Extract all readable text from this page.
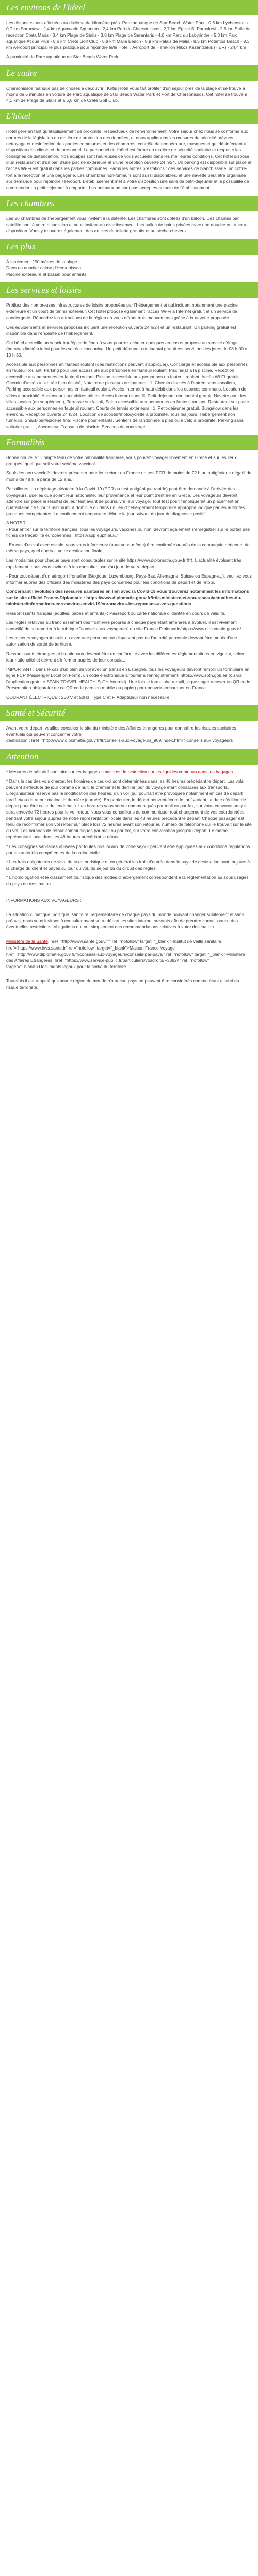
Les environs de l'hôtel

Les distances sont affichées au dixième de kilomètre près. Parc aquatique de Star Beach Water Park - 0,6 km Lychnostatis - 0,7 km Sarantaw - 2,4 km Aquaworld Aquarium - 2,4 km Port de Chersónissos - 2,7 km Église St Paraskevi - 2,8 km Salle de réception Creta Maris - 3,4 km Plage de Stalis - 3,8 km Plage de Sarantaris - 4,6 km Parc du Labyrinthe - 5,3 km Parc aquatique Acqua Plus - 5,6 km Crete Golf Club - 6,8 km Malia Beach - 8,9 km Palais de Malia - 8,5 km Potamos Beach - 9,3 km Aéroport principal le plus pratique pour rejoindre le/là Hotel : Aéroport de Héraklion Nikos Kazantzakis (HER) - 24,4 km

À proximité de Parc aquatique de Star Beach Water Park

Le cadre

Chersónissos manque pas de choses à découvrir ; Kritis Hotel vous fait profiter d'un séjour près de la plage et se trouve à moins de 5 minutes en voiture de Parc aquatique de Star Beach Water Park et Port de Chersónissos. Cet hôtel se trouve à 4,1 km de Plage de Stalis et à 6,8 km de Crete Golf Club.

L'hôtel

Hôtel géré en tant qu'établissement de proximité, respectueux de l'environnement. Votre séjour chez nous se conforme aux normes de la législation en matière de protection des données, et nous appliquons les mesures de sécurité prévues : nettoyage et désinfection des parties communes et des chambres, contrôle de température, masques et gel désinfectant à disposition des clients et du personnel. Le personnel de l'hôtel est formé en matière de sécurité sanitaire et respecte les consignes de distanciation. Nos équipes sont heureuses de vous accueillir dans les meilleures conditions. Cet hôtel dispose d'un restaurant et d'un bar, d'une piscine extérieure et d'une réception ouverte 24 h/24. Un parking est disponible sur place et l'accès Wi-Fi est gratuit dans les parties communes. Parmi les autres prestations : des services de blanchisserie, un coffre-fort à la réception et une bagagerie. Les chambres non-fumeurs sont aussi disponibles, et une navette peut être organisée sur demande pour rejoindre l'aéroport. L'établissement met à votre disposition une salle de petit-déjeuner et la possibilité de commander un petit-déjeuner à emporter. Les animaux ne sont pas acceptés au sein de l'établissement.

Les chambres

Les 26 chambres de l'hébergement vous invitent à la détente. Les chambres sont dotées d'un balcon. Des chaînes par satellite sont à votre disposition et vous invitent au divertissement. Les salles de bains privées avec une douche ont à votre disposition. Vous y trouverez également des articles de toilette gratuits et un sèche-cheveux.

Les plus

À seulement 250 mètres de la plage

Dans un quartier calme d'Hersonissos

Piscine extérieure et bassin pour enfants

Les services et loisirs

Profitez des nombreuses infrastructures de loisirs proposées par l'hébergement et qui incluent notamment une piscine extérieure et un court de tennis extérieur. Cet hôtel propose également l'accès Wi-Fi à Internet gratuit et un service de conciergerie. Répondez les attractions de la région en vous offrant trois mouvements grâce à la navette proposée.

Ces équipements et services proposés incluent une réception ouverte 24 h/24 et un restaurant. Un parking gratuit est disponible dans l'enceinte de l'hébergement.

Cet hôtel accueille un snack-bar /épicerie fine où vous pourrez acheter quelques en-cas et propose un service d'étage (horaires limités) idéal pour les soirées cocooning. Un petit-déjeuner continental gratuit est servi tous les jours de 08 h 00 à 10 h 30.

Accessible aux personnes en fauteuil roulant (des restrictions peuvent s'appliquer), Concierge et accessible aux personnes en fauteuil roulant. Parking pour une accessible aux personnes en fauteuil roulant, Piscine(s) à la piscine, Réception accessible aux personnes en fauteuil roulant, Piscine accessible aux personnes en fauteuil roulant, Accès Wi-Fi gratuit, Chemin d'accès à l'entrée bien éclairé, Notaire de plusieurs ordinateurs : 1, Chemin d'accès à l'entrée sans escaliers, Parking accessible aux personnes en fauteuil roulant, Accès Internet à haut débit dans les espaces communs, Location de vélos à proximité, Ascenseur pour visites bâties, Accès Internet sans fil, Petit-déjeuner continental gratuit, Navette pour les villes locales (en supplément), Terrasse sur le toit, Salon accessible aux personnes en fauteuil roulant, Restaurant sur place accessible aux personnes en fauteuil roulant, Courts de tennis extérieurs : 1, Petit-déjeuner gratuit, Bungalow dans les environs, Réception ouverte 24 h/24, Location de scooter/motocyclette à proximité, Tous les jours, Hébergement non fumeurs, Snack-bar/épicerie fine, Piscine pour enfants, Sentiers de randonnée à pied ou à vélo à proximité, Parking sans voiturier gratuit, Ascenseur, Transats de piscine, Services de concierge

Formalités

Bonne nouvelle : Compte tenu de votre nationalité française, vous pouvez voyager librement en Grèce et sur les lieux groupés, quel que soit votre schéma vaccinal.

Seuls les non vaccinés devront présenter pour leur retour en France un test PCR de moins de 72 h ou antigénique négatif de moins de 48 h, à partir de 12 ans.

Par ailleurs, un dépistage aléatoire à la Covid-19 (PCR ou test antigénique rapide) peut être demandé à l'arrivée des voyageurs, quelles que soient leur nationalité, leur provenance et leur point d'entrée en Grèce. Les voyageurs devront attendre sur place le résultat de leur test avant de poursuivre leur voyage. Tout test positif impliquerait un placement en quarantaine de 5 jours minimum, à domicile ou dans un lieu d'hébergement temporaire approprié indiqué par les autorités grecques compétentes. Le confinement temporaire débute le jour suivant du jour du diagnostic positif.

A NOTER

- Pour entrer sur le territoire français, tous les voyageurs, vaccinés ou non, devront également s'enregistrer sur le portail des fiches de traçabilité européennes : https://app.euplf.eu/#/

- En cas d'un vol avec escale, vous vous informerez (pour vous-même) être confirmée auprès de la compagnie aérienne, de même pays, quel que soit votre destination finale.

Les modalités pour chaque pays sont consultables sur le site https://www.diplomatie.gouv.fr (fr). L'actualité évoluant très rapidement, nous vous invitons à les consulter jusqu'au jour de votre départ.

- Pour tout départ d'un aéroport frontalier (Belgique, Luxembourg, Pays-Bas, Allemagne, Suisse ou Espagne...), veuillez vous informer auprès des officiels des ministères des pays concernés pour les conditions de départ et de retour.

Concernant l'évolution des mesures sanitaires en lien avec la Covid-19 vous trouverez notamment les informations sur le site officiel France-Diplomatie : https://www.diplomatie.gouv.fr/fr/le-ministere-et-son-reseau/actualites-du-ministere/informations-coronavirus-covid-19/coronavirus-les-reponses-a-vos-questions

Ressortissants français (adultes, bébés et enfants) : Passeport ou carte nationale d'identité en cours de validité.

Les règles relatives au franchissement des frontières propres à chaque pays étant amenées à évoluer, il est vivement conseillé de se reporter à la rubrique "conseils aux voyageurs" du site France Diplomatie/https://www.diplomatie.gouv.fr/

Les mineurs voyageant seuls ou avec une personne ne disposant pas de l'autorité parentale devront être munis d'une autorisation de sortie de territoire.

Ressortissants étrangers et binationaux devront être en conformité avec les différentes réglementations en vigueur, selon leur nationalité et devront s'informer auprès de leur consulat.

IMPORTANT : Dans le cas d'un plan de vol avec un transit en Espagne, tous les voyageurs devront remplir un formulaire en ligne FCP (Passenger Location Form), un code électronique à fournir à l'enregistrement. https://www.spth.gob.es (ou via l'application gratuite SPAIN TRAVEL HEALTH-SpTH Android). Une fois le formulaire rempli, le passager recevra un QR code. Présentation obligatoire de ce QR code (version mobile ou papier) pour pouvoir embarquer en France.

COURANT ÉLECTRIQUE : 230 V et 50Hz. Type C et F. Adaptateur non nécessaire.

Santé et Sécurité

Avant votre départ, veuillez consulter le site du ministère des Affaires étrangères pour connaître les risques sanitaires éventuels qui peuvent concerner votre

destination : href="http://www.diplomatie.gouv.fr/fr/conseils-aux-voyageurs_909/index.html">conseils aux voyageurs

Attention

* Mesures de sécurité sanitaire sur les bagages : mesures de restriction sur les liquides contenus dans les bagages.

* Dans le cas des vols charter, les horaires de ceux-ci sont déterminées dans les 48 heures précédant le départ. Les vols peuvent s'effectuer de jour comme de nuit, le premier et le dernier jour du voyage étant consacrés aux transports. L'organisateur réservé pas la modification des heures, d'un vol (qui pourrait être provoquée notamment en cas de départ tardif et/ou de retour matinal la dernière journée). En particulier, le départ peuvent écrire le tarif variant, la date d'édition de départ pour être celle du lendemain. Les horaires vous seront communiqués par mail ou par fax, sur votre convocation qui sera envoyée 72 heures pour le vol retour. Nous vous conseillons de communiquer tout changement de vos coordonnées pendant votre séjour auprès de notre représentation locale dans les 48 heures précédant le départ. Chaque passager est tenu de reconfirmer son vol retour sur place lors 72 heures avant son retour au numéro de téléphone qui le trouvait sur le site du vol. Les horaires de retour communiqués par mail ou par fax, sur votre convocation jusqu'au départ. Le même représentant local dans les 48 heures précédant le retour.

* Les consignes sanitaires utilisées par toutes nos locaux de votre séjour peuvent être appliquées aux conditions régulations par les autorités compétentes de la nation civile.

* Les frais obligatoires de visa, de taxe touristique et en général les frais d'entrée dans le pays de destination sont toujours à la charge du client et payés du jour du vol, du séjour ou du circuit dès règles.

* L'homologation et le classement touristique des modes d'hébergement correspondent à la réglementation au sous usages du pays de destination.

INFORMATIONS AUX VOYAGEURS :

La situation climatique, politique, sanitaire, réglementaire de chaque pays du monde pouvant changer subitement et sans préavis, nous vous invitons à consulter avant votre départ les sites internet suivants afin de prendre connaissance des éventuelles restrictions, obligations ou tout simplement des recommandations relatives à votre destination.

Ministère de la Santé, href="http://www.sante.gouv.fr" rel="nofollow" target="_blank">Institut de veille sanitaire, href="https://www.invs.sante.fr" rel="nofollow" target="_blank">Maison France Voyage href="http://www.diplomatie.gouv.fr/fr/conseils-aux-voyageurs/conseils-par-pays/" rel="nofollow" target="_blank">Ministère des Affaires Etrangères, href="https://www.service-public.fr/particuliers/vosdroits/F33824" rel="nofollow" target="_blank">Documents légaux pour la sortie du territoire.

Toutefois il est rappelé qu'aucune région du monde n'a aucun pays ne peuvent être considérés comme étant à l'abri du risque terroriste.
